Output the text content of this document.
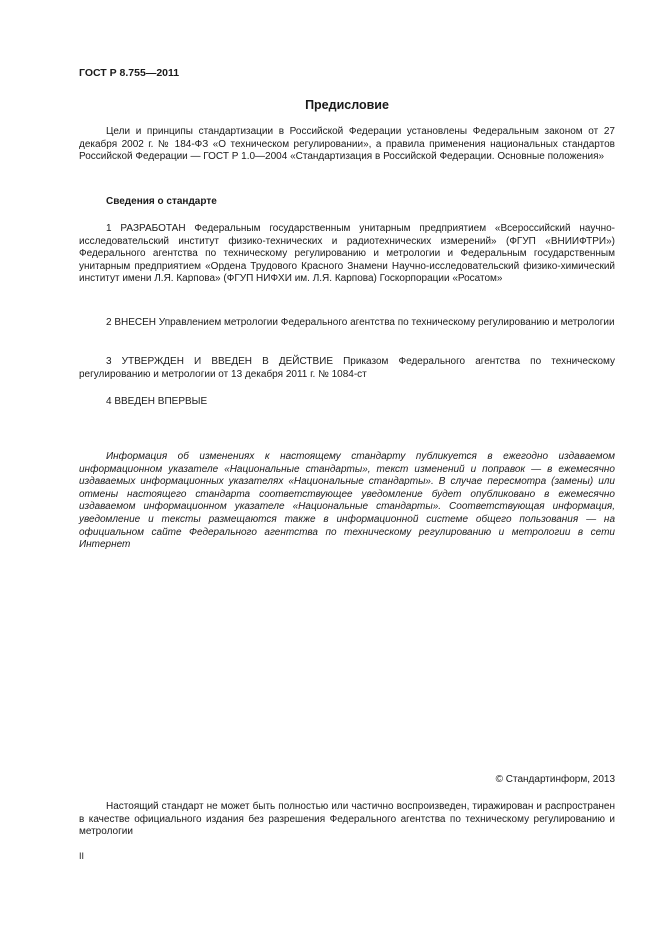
ГОСТ Р 8.755—2011
Предисловие

Цели и принципы стандартизации в Российской Федерации установлены Федеральным законом от 27 декабря 2002 г. № 184-ФЗ «О техническом регулировании», а правила применения национальных стандартов Российской Федерации — ГОСТ Р 1.0—2004 «Стандартизация в Российской Федерации. Основные положения»

Сведения о стандарте

1 РАЗРАБОТАН Федеральным государственным унитарным предприятием «Всероссийский научно-исследовательский институт физико-технических и радиотехнических измерений» (ФГУП «ВНИИФТРИ») Федерального агентства по техническому регулированию и метрологии и Федеральным государственным унитарным предприятием «Ордена Трудового Красного Знамени Научно-исследовательский физико-химический институт имени Л.Я. Карпова» (ФГУП НИФХИ им. Л.Я. Карпова) Госкорпорации «Росатом»

2 ВНЕСЕН Управлением метрологии Федерального агентства по техническому регулированию и метрологии

3 УТВЕРЖДЕН И ВВЕДЕН В ДЕЙСТВИЕ Приказом Федерального агентства по техническому регулированию и метрологии от 13 декабря 2011 г. № 1084-ст

4 ВВЕДЕН ВПЕРВЫЕ

Информация об изменениях к настоящему стандарту публикуется в ежегодно издаваемом информационном указателе «Национальные стандарты», текст изменений и поправок — в ежемесячно издаваемых информационных указателях «Национальные стандарты». В случае пересмотра (замены) или отмены настоящего стандарта соответствующее уведомление будет опубликовано в ежемесячно издаваемом информационном указателе «Национальные стандарты». Соответствующая информация, уведомление и тексты размещаются также в информационной системе общего пользования — на официальном сайте Федерального агентства по техническому регулированию и метрологии в сети Интернет

© Стандартинформ, 2013

Настоящий стандарт не может быть полностью или частично воспроизведен, тиражирован и распространен в качестве официального издания без разрешения Федерального агентства по техническому регулированию и метрологии

II
